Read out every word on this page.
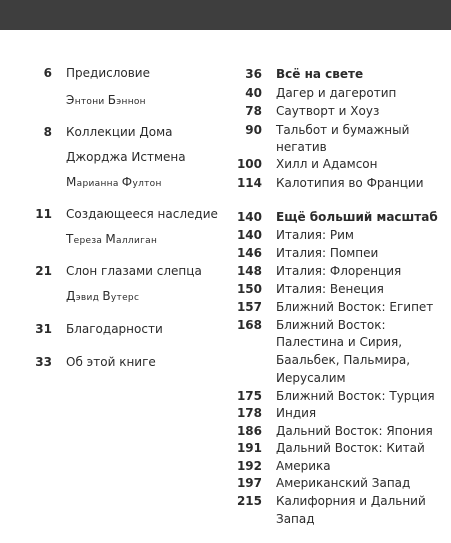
6 Предисловие
Энтони Бэннон
8 Коллекции Дома
Джорджа Истмена
Марианна Фултон
11 Создающееся наследие
Тереза Маллиган
21 Слон глазами слепца
Дэвид Вутерс
31 Благодарности
33 Об этой книге
36 Всё на свете
40 Дагер и дагеротип
78 Саутворт и Хоуз
90 Тальбот и бумажный
негатив
100 Хилл и Адамсон
114 Калотипия во Франции
140 Ещё больший масштаб
140 Италия: Рим
146 Италия: Помпеи
148 Италия: Флоренция
150 Италия: Венеция
157 Ближний Восток: Египет
168 Ближний Восток:
Палестина и Сирия,
Баальбек, Пальмира,
Иерусалим
175 Ближний Восток: Турция
178 Индия
186 Дальний Восток: Япония
191 Дальний Восток: Китай
192 Америка
197 Американский Запад
215 Калифорния и Дальний
Запад
